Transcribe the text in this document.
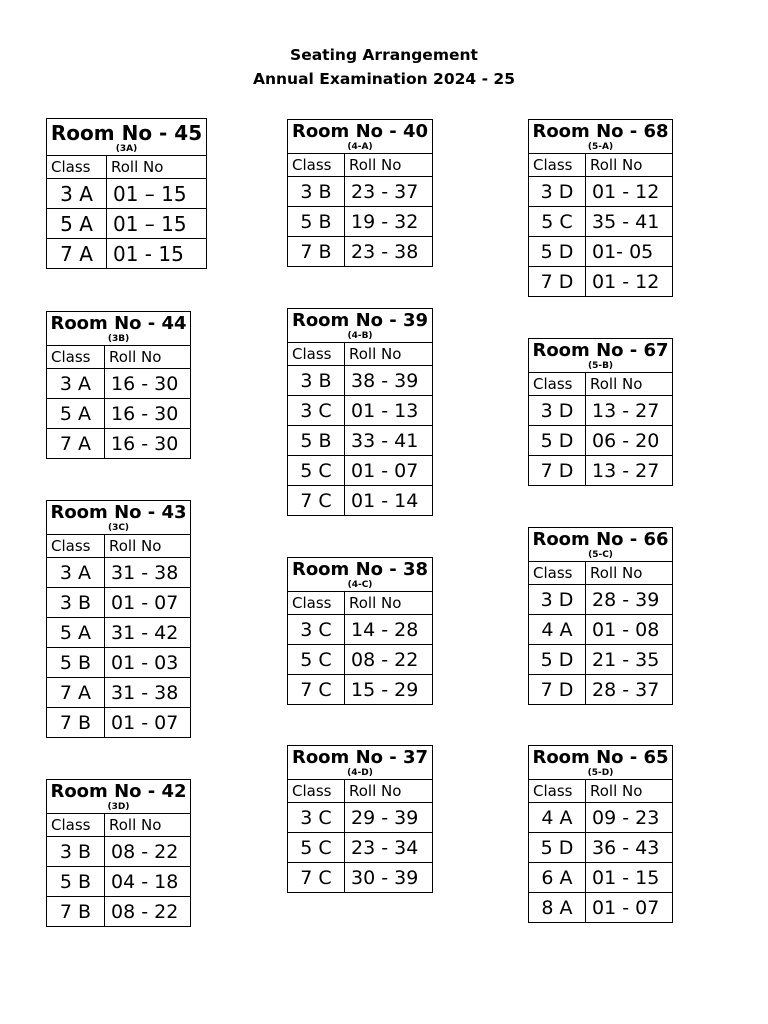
Seating Arrangement
Annual Examination 2024 - 25
Room No - 45
(3A)	

Class	Roll No
3 A	01 – 15
5 A	01 – 15
7 A	01 - 15
Room No - 44
(3B)	

Class	Roll No
3 A	16 - 30
5 A	16 - 30
7 A	16 - 30
Room No - 43
(3C)	

Class	Roll No
3 A	31 - 38
3 B	01 - 07
5 A	31 - 42
5 B	01 - 03
7 A	31 - 38
7 B	01 - 07
Room No - 42
(3D)	

Class	Roll No
3 B	08 - 22
5 B	04 - 18
7 B	08 - 22
Room No - 40
(4-A)	

Class	Roll No
3 B	23 - 37
5 B	19 - 32
7 B	23 - 38
Room No - 39
(4-B)	

Class	Roll No
3 B	38 - 39
3 C	01 - 13
5 B	33 - 41
5 C	01 - 07
7 C	01 - 14
Room No - 38
(4-C)	

Class	Roll No
3 C	14 - 28
5 C	08 - 22
7 C	15 - 29
Room No - 37
(4-D)	

Class	Roll No
3 C	29 - 39
5 C	23 - 34
7 C	30 - 39
Room No - 68
(5-A)	

Class	Roll No
3 D	01 - 12
5 C	35 - 41
5 D	01- 05
7 D	01 - 12
Room No - 67
(5-B)	

Class	Roll No
3 D	13 - 27
5 D	06 - 20
7 D	13 - 27
Room No - 66
(5-C)	

Class	Roll No
3 D	28 - 39
4 A	01 - 08
5 D	21 - 35
7 D	28 - 37
Room No - 65
(5-D)	

Class	Roll No
4 A	09 - 23
5 D	36 - 43
6 A	01 - 15
8 A	01 - 07
